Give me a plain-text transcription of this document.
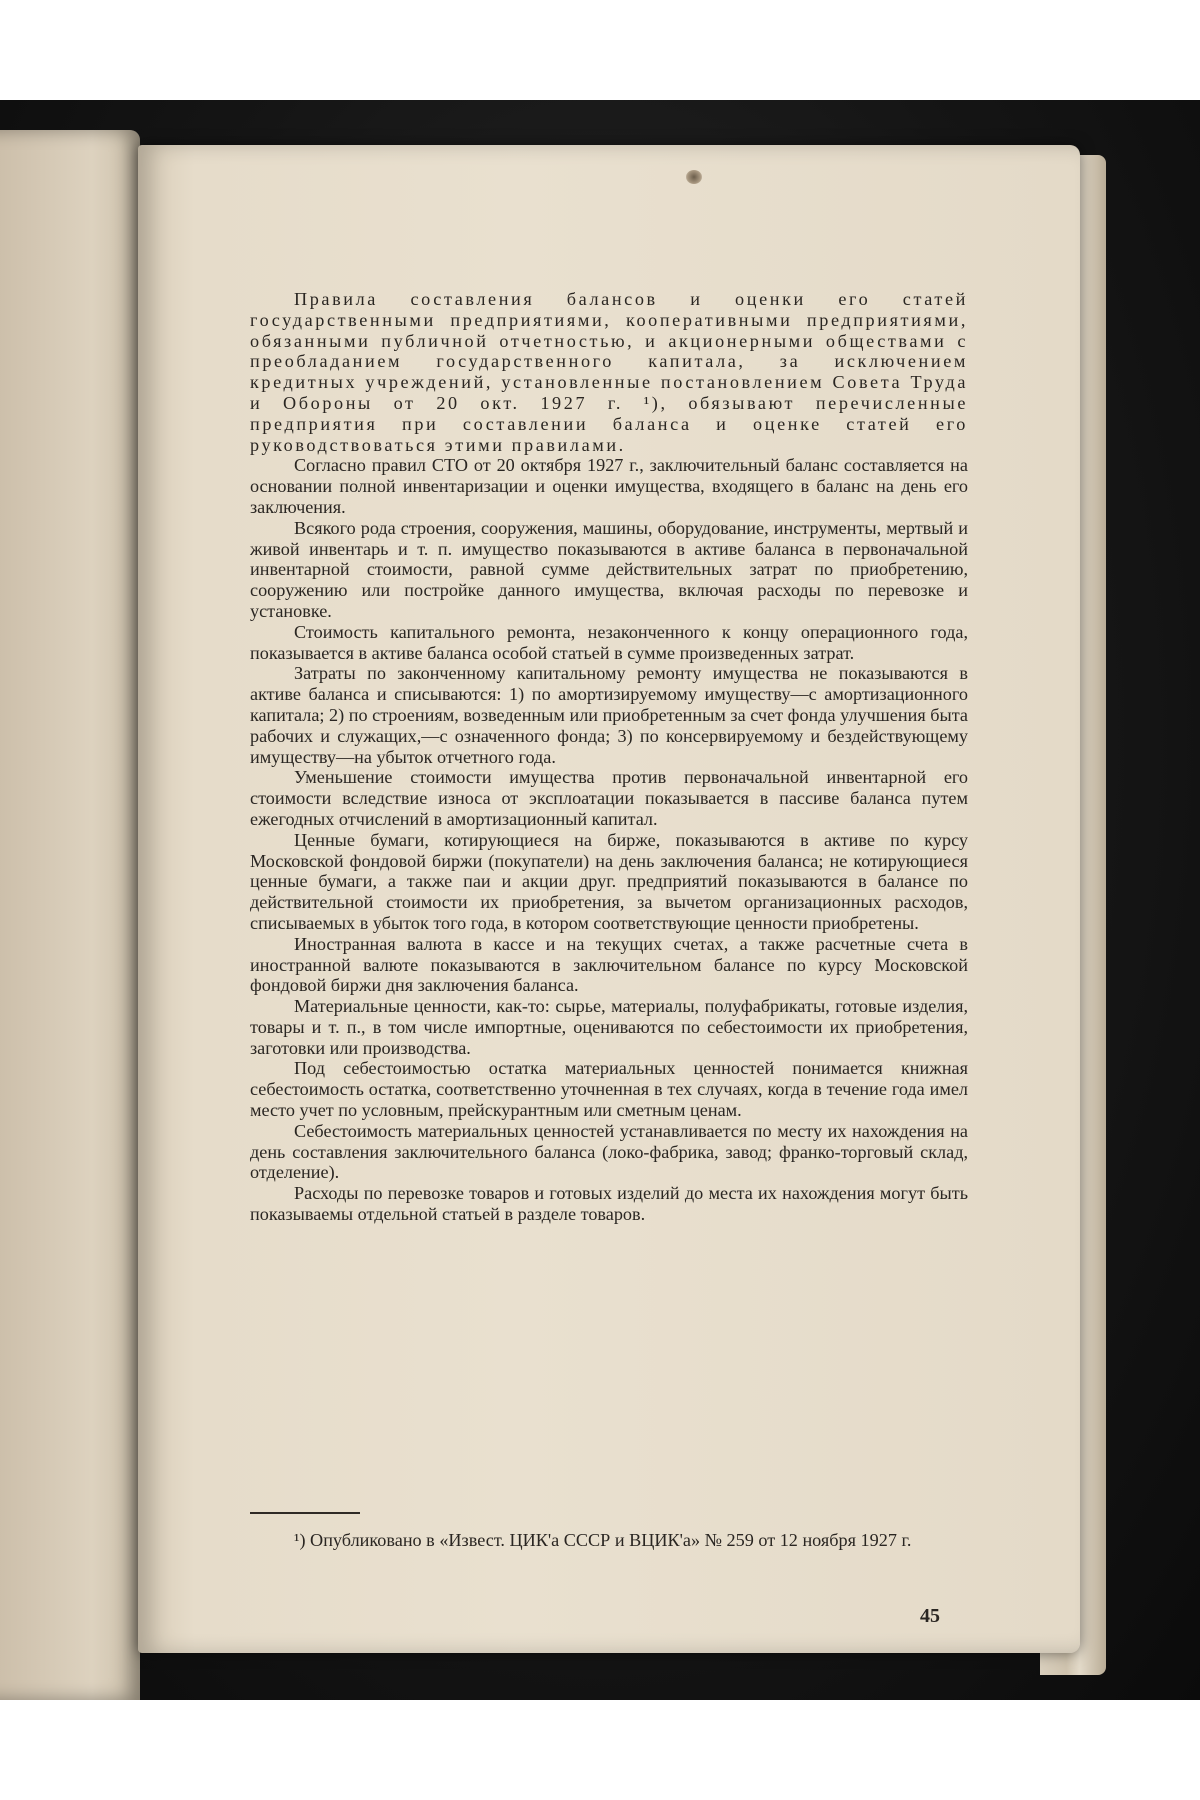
Правила составления балансов и оценки его статей государственными предприятиями, кооперативными предприятиями, обязанными публичной отчетностью, и акционерными обществами с преобладанием государственного капитала, за исключением кредитных учреждений, установленные постановлением Совета Труда и Обороны от 20 окт. 1927 г. ¹), обязывают перечисленные предприятия при составлении баланса и оценке статей его руководствоваться этими правилами.

Согласно правил СТО от 20 октября 1927 г., заключительный баланс составляется на основании полной инвентаризации и оценки имущества, входящего в баланс на день его заключения.

Всякого рода строения, сооружения, машины, оборудование, инструменты, мертвый и живой инвентарь и т. п. имущество показываются в активе баланса в первоначальной инвентарной стоимости, равной сумме действительных затрат по приобретению, сооружению или постройке данного имущества, включая расходы по перевозке и установке.

Стоимость капитального ремонта, незаконченного к концу операционного года, показывается в активе баланса особой статьей в сумме произведенных затрат.

Затраты по законченному капитальному ремонту имущества не показываются в активе баланса и списываются: 1) по амортизируемому имуществу—с амортизационного капитала; 2) по строениям, возведенным или приобретенным за счет фонда улучшения быта рабочих и служащих,—с означенного фонда; 3) по консервируемому и бездействующему имуществу—на убыток отчетного года.

Уменьшение стоимости имущества против первоначальной инвентарной его стоимости вследствие износа от эксплоатации показывается в пассиве баланса путем ежегодных отчислений в амортизационный капитал.

Ценные бумаги, котирующиеся на бирже, показываются в активе по курсу Московской фондовой биржи (покупатели) на день заключения баланса; не котирующиеся ценные бумаги, а также паи и акции друг. предприятий показываются в балансе по действительной стоимости их приобретения, за вычетом организационных расходов, списываемых в убыток того года, в котором соответствующие ценности приобретены.

Иностранная валюта в кассе и на текущих счетах, а также расчетные счета в иностранной валюте показываются в заключительном балансе по курсу Московской фондовой биржи дня заключения баланса.

Материальные ценности, как-то: сырье, материалы, полуфабрикаты, готовые изделия, товары и т. п., в том числе импортные, оцениваются по себестоимости их приобретения, заготовки или производства.

Под себестоимостью остатка материальных ценностей понимается книжная себестоимость остатка, соответственно уточненная в тех случаях, когда в течение года имел место учет по условным, прейскурантным или сметным ценам.

Себестоимость материальных ценностей устанавливается по месту их нахождения на день составления заключительного баланса (локо-фабрика, завод; франко-торговый склад, отделение).

Расходы по перевозке товаров и готовых изделий до места их нахождения могут быть показываемы отдельной статьей в разделе товаров.

¹) Опубликовано в «Извест. ЦИК'а СССР и ВЦИК'а» № 259 от 12 ноября 1927 г.
45
